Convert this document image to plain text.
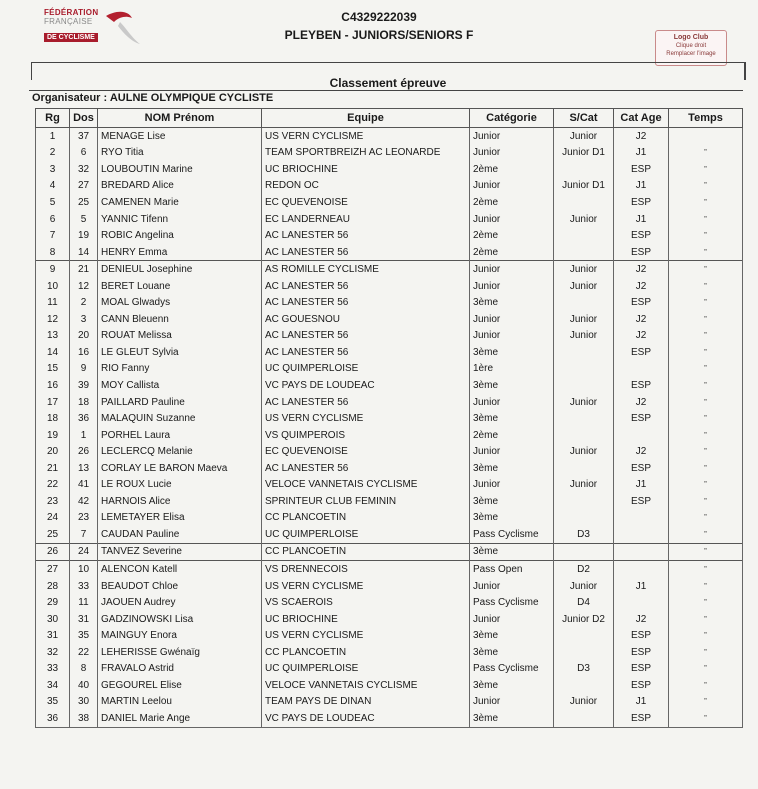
FÉDÉRATION
FRANÇAISE
DE CYCLISME
C4329222039
PLEYBEN - JUNIORS/SENIORS F	Logo Club
Clique droit
Remplacer l'image
Classement épreuve
Organisateur : AULNE OLYMPIQUE CYCLISTE
Rg	Dos	NOM Prénom	Equipe	Catégorie	S/Cat	Cat Age	Temps
1	37	MENAGE Lise	US VERN CYCLISME	Junior	Junior	J2	
2	6	RYO Titia	TEAM SPORTBREIZH AC LEONARDE	Junior	Junior D1	J1	"
3	32	LOUBOUTIN Marine	UC BRIOCHINE	2ème		ESP	"
4	27	BREDARD Alice	REDON OC	Junior	Junior D1	J1	"
5	25	CAMENEN Marie	EC QUEVENOISE	2ème		ESP	"
6	5	YANNIC Tifenn	EC LANDERNEAU	Junior	Junior	J1	"
7	19	ROBIC Angelina	AC LANESTER 56	2ème		ESP	"
8	14	HENRY Emma	AC LANESTER 56	2ème		ESP	"
9	21	DENIEUL Josephine	AS ROMILLE CYCLISME	Junior	Junior	J2	"
10	12	BERET Louane	AC LANESTER 56	Junior	Junior	J2	"
11	2	MOAL Glwadys	AC LANESTER 56	3ème		ESP	"
12	3	CANN Bleuenn	AC GOUESNOU	Junior	Junior	J2	"
13	20	ROUAT Melissa	AC LANESTER 56	Junior	Junior	J2	"
14	16	LE GLEUT Sylvia	AC LANESTER 56	3ème		ESP	"
15	9	RIO Fanny	UC QUIMPERLOISE	1ère			"
16	39	MOY Callista	VC PAYS DE LOUDEAC	3ème		ESP	"
17	18	PAILLARD Pauline	AC LANESTER 56	Junior	Junior	J2	"
18	36	MALAQUIN Suzanne	US VERN CYCLISME	3ème		ESP	"
19	1	PORHEL Laura	VS QUIMPEROIS	2ème			"
20	26	LECLERCQ Melanie	EC QUEVENOISE	Junior	Junior	J2	"
21	13	CORLAY LE BARON Maeva	AC LANESTER 56	3ème		ESP	"
22	41	LE ROUX Lucie	VELOCE VANNETAIS CYCLISME	Junior	Junior	J1	"
23	42	HARNOIS Alice	SPRINTEUR CLUB FEMININ	3ème		ESP	"
24	23	LEMETAYER Elisa	CC PLANCOETIN	3ème			"
25	7	CAUDAN Pauline	UC QUIMPERLOISE	Pass Cyclisme	D3		"
26	24	TANVEZ Severine	CC PLANCOETIN	3ème			"
27	10	ALENCON Katell	VS DRENNECOIS	Pass Open	D2		"
28	33	BEAUDOT Chloe	US VERN CYCLISME	Junior	Junior	J1	"
29	11	JAOUEN Audrey	VS SCAEROIS	Pass Cyclisme	D4		"
30	31	GADZINOWSKI Lisa	UC BRIOCHINE	Junior	Junior D2	J2	"
31	35	MAINGUY Enora	US VERN CYCLISME	3ème		ESP	"
32	22	LEHERISSE Gwénaïg	CC PLANCOETIN	3ème		ESP	"
33	8	FRAVALO Astrid	UC QUIMPERLOISE	Pass Cyclisme	D3	ESP	"
34	40	GEGOUREL Elise	VELOCE VANNETAIS CYCLISME	3ème		ESP	"
35	30	MARTIN Leelou	TEAM PAYS DE DINAN	Junior	Junior	J1	"
36	38	DANIEL Marie Ange	VC PAYS DE LOUDEAC	3ème		ESP	"
